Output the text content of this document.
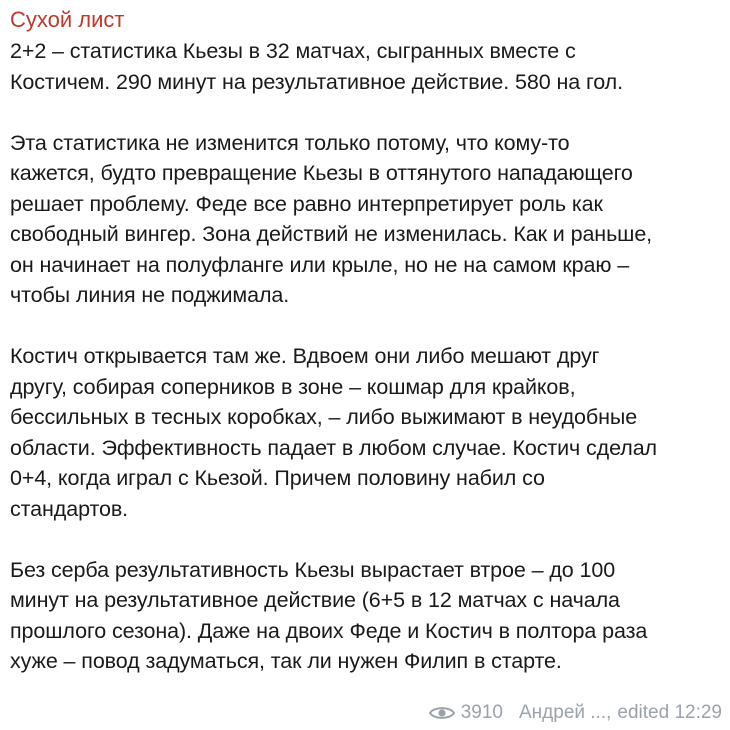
Сухой лист
2+2 – статистика Кьезы в 32 матчах, сыгранных вместе с
Костичем. 290 минут на результативное действие. 580 на гол.
Эта статистика не изменится только потому, что кому-то
кажется, будто превращение Кьезы в оттянутого нападающего
решает проблему. Феде все равно интерпретирует роль как
свободный вингер. Зона действий не изменилась. Как и раньше,
он начинает на полуфланге или крыле, но не на самом краю –
чтобы линия не поджимала.
Костич открывается там же. Вдвоем они либо мешают друг
другу, собирая соперников в зоне – кошмар для крайков,
бессильных в тесных коробках, – либо выжимают в неудобные
области. Эффективность падает в любом случае. Костич сделал
0+4, когда играл с Кьезой. Причем половину набил со
стандартов.
Без серба результативность Кьезы вырастает втрое – до 100
минут на результативное действие (6+5 в 12 матчах с начала
прошлого сезона). Даже на двоих Феде и Костич в полтора раза
хуже – повод задуматься, так ли нужен Филип в старте.
3910 Андрей ..., edited 12:29
